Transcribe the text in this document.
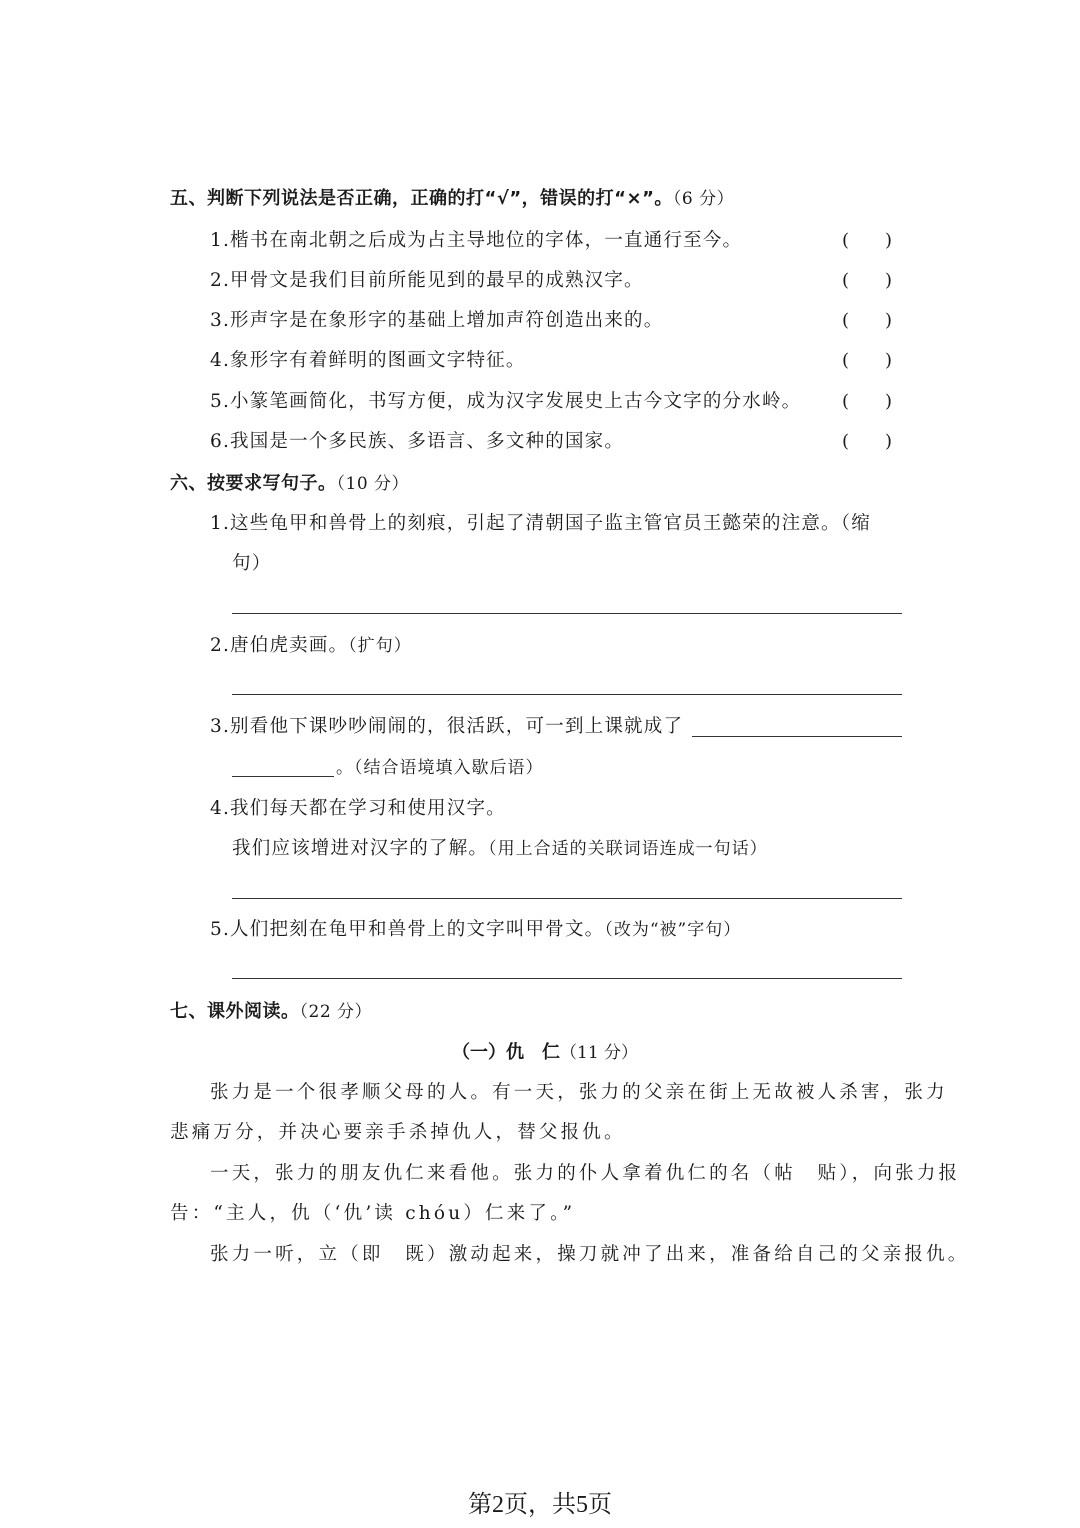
五、判断下列说法是否正确，正确的打“√”，错误的打“×”。（6 分）
1.楷书在南北朝之后成为占主导地位的字体，一直通行至今。	(　　)
2.甲骨文是我们目前所能见到的最早的成熟汉字。	(　　)
3.形声字是在象形字的基础上增加声符创造出来的。	(　　)
4.象形字有着鲜明的图画文字特征。	(　　)
5.小篆笔画简化，书写方便，成为汉字发展史上古今文字的分水岭。 (　　)
6.我国是一个多民族、多语言、多文种的国家。	(　　)
六、按要求写句子。（10 分）
1.这些龟甲和兽骨上的刻痕，引起了清朝国子监主管官员王懿荣的注意。（缩
句）
2.唐伯虎卖画。（扩句）
3.别看他下课吵吵闹闹的，很活跃，可一到上课就成了
。（结合语境填入歇后语）
4.我们每天都在学习和使用汉字。
我们应该增进对汉字的了解。（用上合适的关联词语连成一句话）
5.人们把刻在龟甲和兽骨上的文字叫甲骨文。（改为“被”字句）
七、课外阅读。（22 分）
（一）仇　仁（11 分）
张力是一个很孝顺父母的人。有一天，张力的父亲在街上无故被人杀害，张力
悲痛万分，并决心要亲手杀掉仇人，替父报仇。
一天，张力的朋友仇仁来看他。张力的仆人拿着仇仁的名（帖　贴），向张力报
告：“主人，仇（‘仇’读 chóu）仁来了。”
张力一听，立（即　既）激动起来，操刀就冲了出来，准备给自己的父亲报仇。
第2页，共5页
